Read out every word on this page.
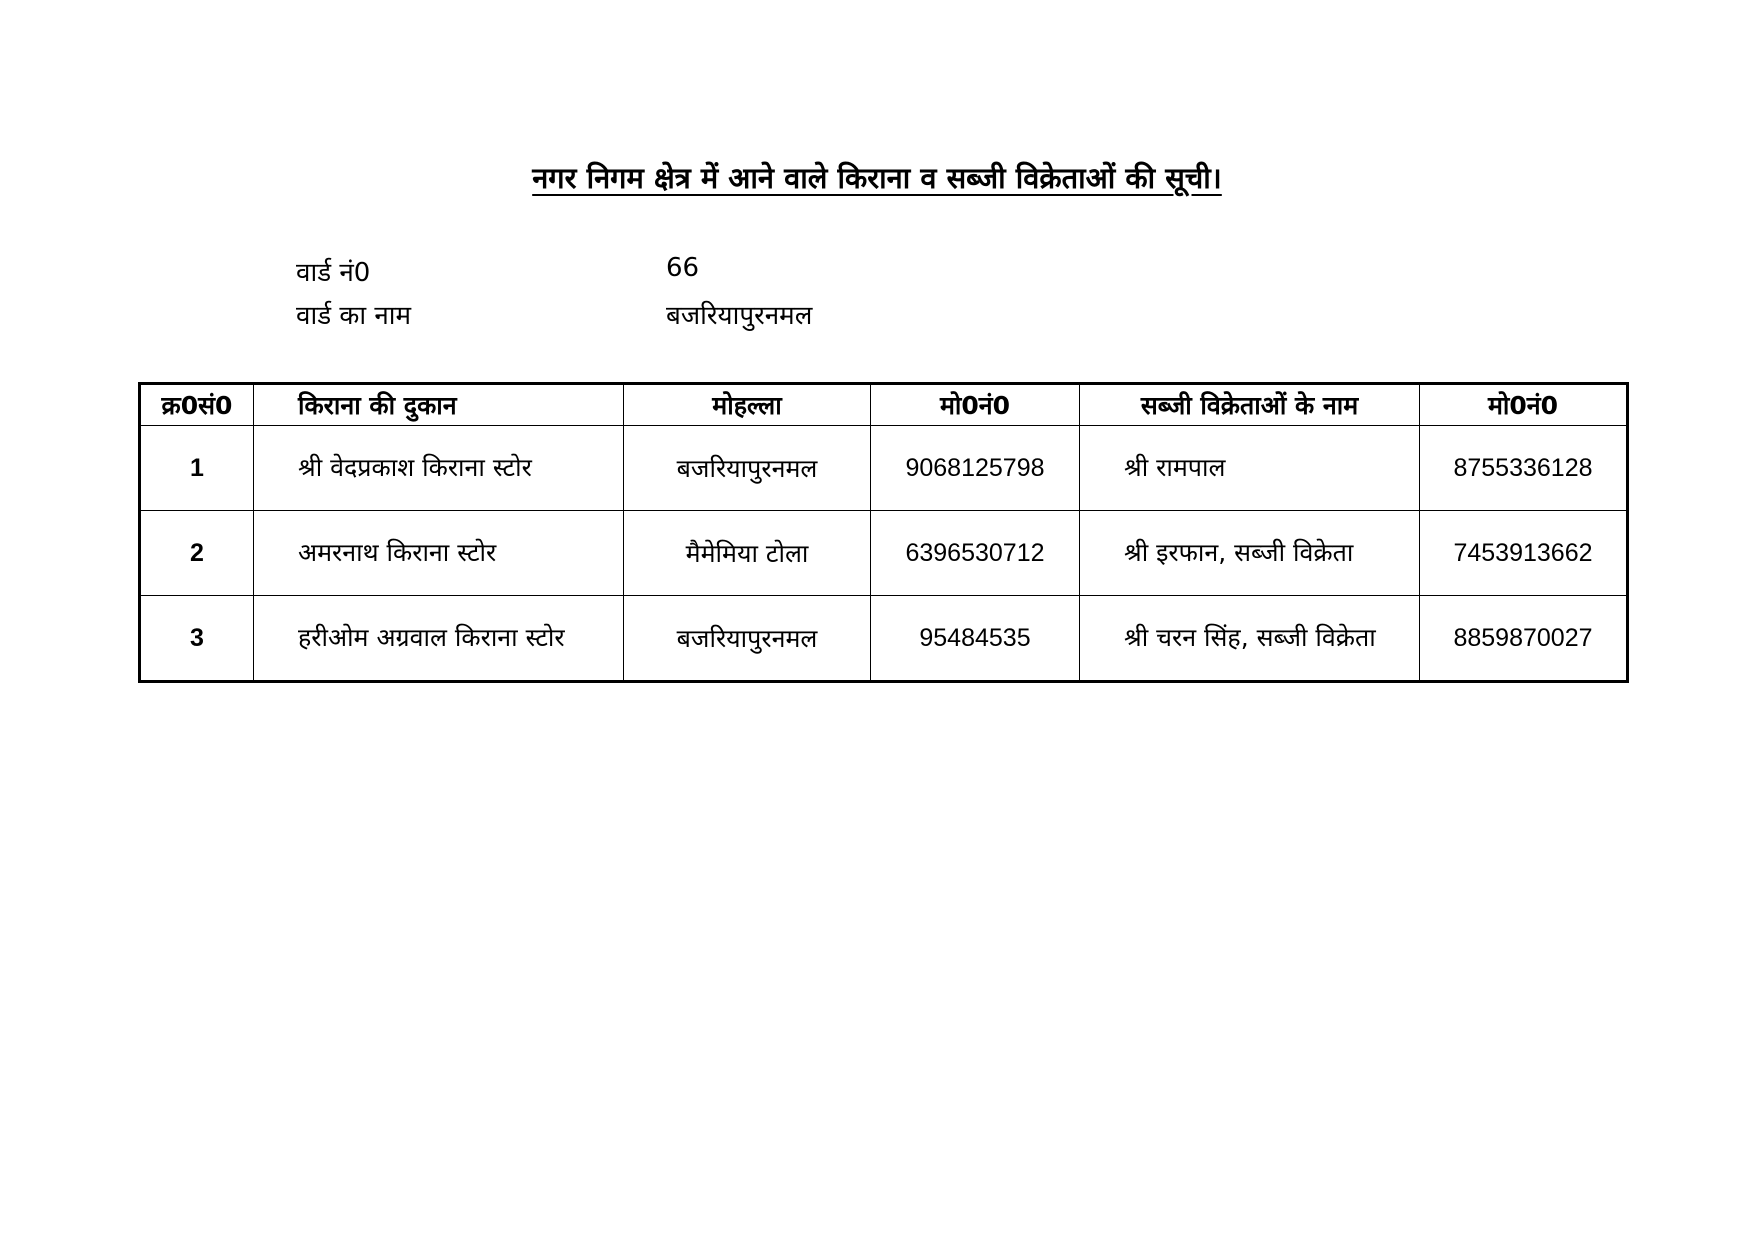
नगर निगम क्षेत्र में आने वाले किराना व सब्जी विक्रेताओं की सूची।
वार्ड नं0	66
वार्ड का नाम	बजरियापुरनमल
क्र0सं0	किराना की दुकान	मोहल्ला	मो0नं0	सब्जी विक्रेताओं के नाम	मो0नं0
1	श्री वेदप्रकाश किराना स्टोर	बजरियापुरनमल	9068125798	श्री रामपाल	8755336128
2	अमरनाथ किराना स्टोर	मैमेमिया टोला	6396530712	श्री इरफान, सब्जी विक्रेता	7453913662
3	हरीओम अग्रवाल किराना स्टोर	बजरियापुरनमल	95484535	श्री चरन सिंह, सब्जी विक्रेता	8859870027
